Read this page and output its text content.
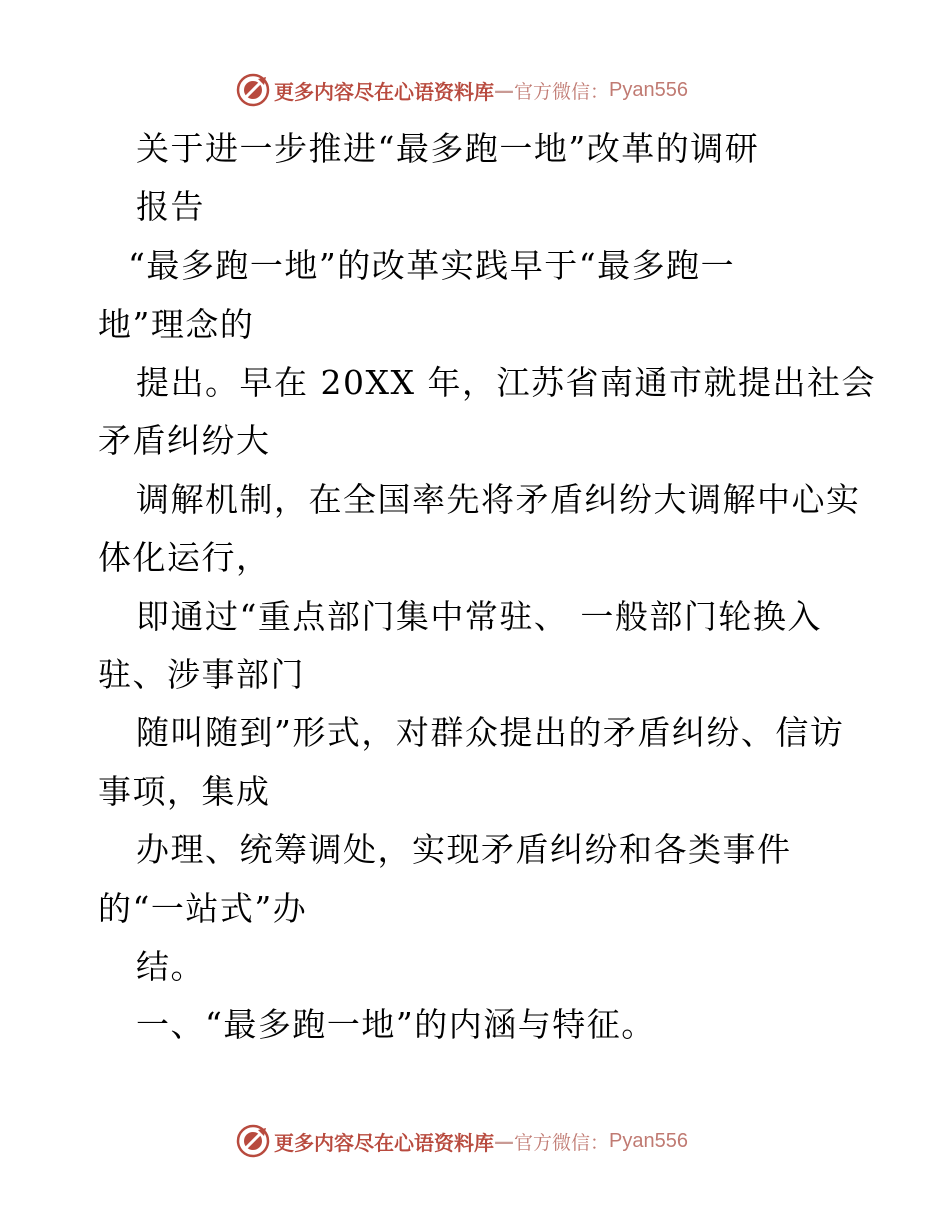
更多内容尽在心语资料库 — 官方微信： Pyan556
关于进一步推进“最多跑一地”改革的调研
报告
“最多跑一地”的改革实践早于“最多跑一
地”理念的
提出。早在 20XX 年，江苏省南通市就提出社会
矛盾纠纷大
调解机制，在全国率先将矛盾纠纷大调解中心实
体化运行，
即通过“重点部门集中常驻、 一般部门轮换入
驻、涉事部门
随叫随到”形式，对群众提出的矛盾纠纷、信访
事项，集成
办理、统筹调处，实现矛盾纠纷和各类事件
的“一站式”办
结。
一、“最多跑一地”的内涵与特征。
更多内容尽在心语资料库 — 官方微信： Pyan556
